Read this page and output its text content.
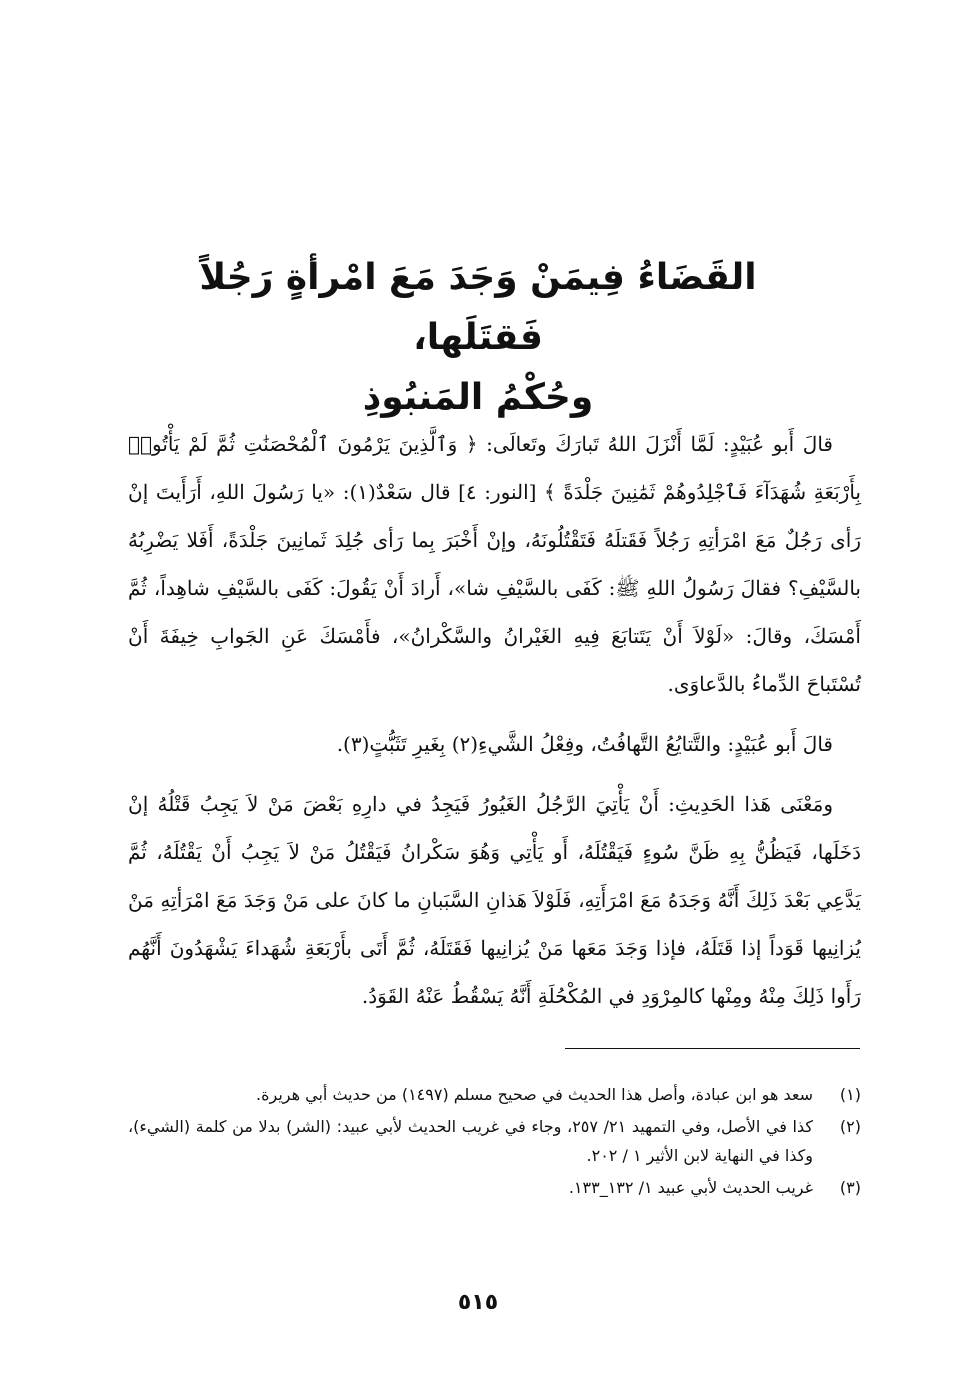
القَضَاءُ فِيمَنْ وَجَدَ مَعَ امْرأةٍ رَجُلاً فَقتَلَها،
وحُكْمُ المَنبُوذِ

قالَ أَبو عُبَيْدٍ: لَمَّا أَنْزَلَ اللهُ تَبارَكَ وتَعالَى: ﴿ وَٱلَّذِينَ يَرْمُونَ ٱلْمُحْصَنَٰتِ ثُمَّ لَمْ يَأْتُوا۟ بِأَرْبَعَةِ شُهَدَآءَ فَٱجْلِدُوهُمْ ثَمَٰنِينَ جَلْدَةً ﴾ [النور: ٤] قال سَعْدٌ(١): «يا رَسُولَ اللهِ، أَرَأَيتَ إنْ رَأى رَجُلٌ مَعَ امْرَأتِهِ رَجُلاً فَقَتلَهُ فَتَقْتُلُونَهُ، وإنْ أَخْبَرَ بِما رَأى جُلِدَ ثَمانِينَ جَلْدَةً، أَفَلا يَضْرِبُهُ بالسَّيْفِ؟ فقالَ رَسُولُ اللهِ ﷺ: كَفَى بالسَّيْفِ شا»، أَرادَ أَنْ يَقُولَ: كَفَى بالسَّيْفِ شاهِداً، ثُمَّ أَمْسَكَ، وقالَ: «لَوْلاَ أَنْ يَتَتابَعَ فِيهِ الغَيْرانُ والسَّكْرانُ»، فأَمْسَكَ عَنِ الجَوابِ خِيفَةَ أَنْ تُسْتَباحَ الدِّماءُ بالدَّعاوَى.

قالَ أَبو عُبَيْدٍ: والتَّتايُعُ التَّهافُتُ، وفِعْلُ الشَّيءِ(٢) بِغَيرِ تَثَبُّتٍ(٣).

ومَعْنَى هَذا الحَدِيثِ: أَنْ يَأْتِيَ الرَّجُلُ الغَيُورُ فَيَجِدُ في دارِهِ بَعْضَ مَنْ لاَ يَجِبُ قَتْلُهُ إنْ دَخَلَها، فَيَظُنُّ بِهِ ظَنَّ سُوءٍ فَيَقْتُلَهُ، أَو يَأْتِي وَهُوَ سَكْرانُ فَيَقْتُلُ مَنْ لاَ يَجِبُ أَنْ يَقْتُلَهُ، ثُمَّ يَدَّعِي بَعْدَ ذَلِكَ أَنَّهُ وَجَدَهُ مَعَ امْرَأَتِهِ، فَلَوْلاَ هَذانِ السَّبَبانِ ما كانَ على مَنْ وَجَدَ مَعَ امْرَأتِهِ مَنْ يُزانِيها قَوَداً إذا قَتَلَهُ، فإذا وَجَدَ مَعَها مَنْ يُزانِيها فَقَتَلَهُ، ثُمَّ أَتَى بأَرْبَعَةِ شُهَداءَ يَشْهَدُونَ أَنَّهُم رَأَوا ذَلِكَ مِنْهُ ومِنْها كالمِرْوَدِ في المُكْحُلَةِ أَنَّهُ يَسْقُطُ عَنْهُ القَوَدُ.

(١)
سعد هو ابن عبادة، وأصل هذا الحديث في صحيح مسلم (١٤٩٧) من حديث أبي هريرة.
(٢)
كذا في الأصل، وفي التمهيد ٢١/ ٢٥٧، وجاء في غريب الحديث لأبي عبيد: (الشر) بدلا من كلمة (الشيء)، وكذا في النهاية لابن الأثير ١ / ٢٠٢.
(٣)
غريب الحديث لأبي عبيد ١/ ١٣٢_١٣٣.
٥١٥
